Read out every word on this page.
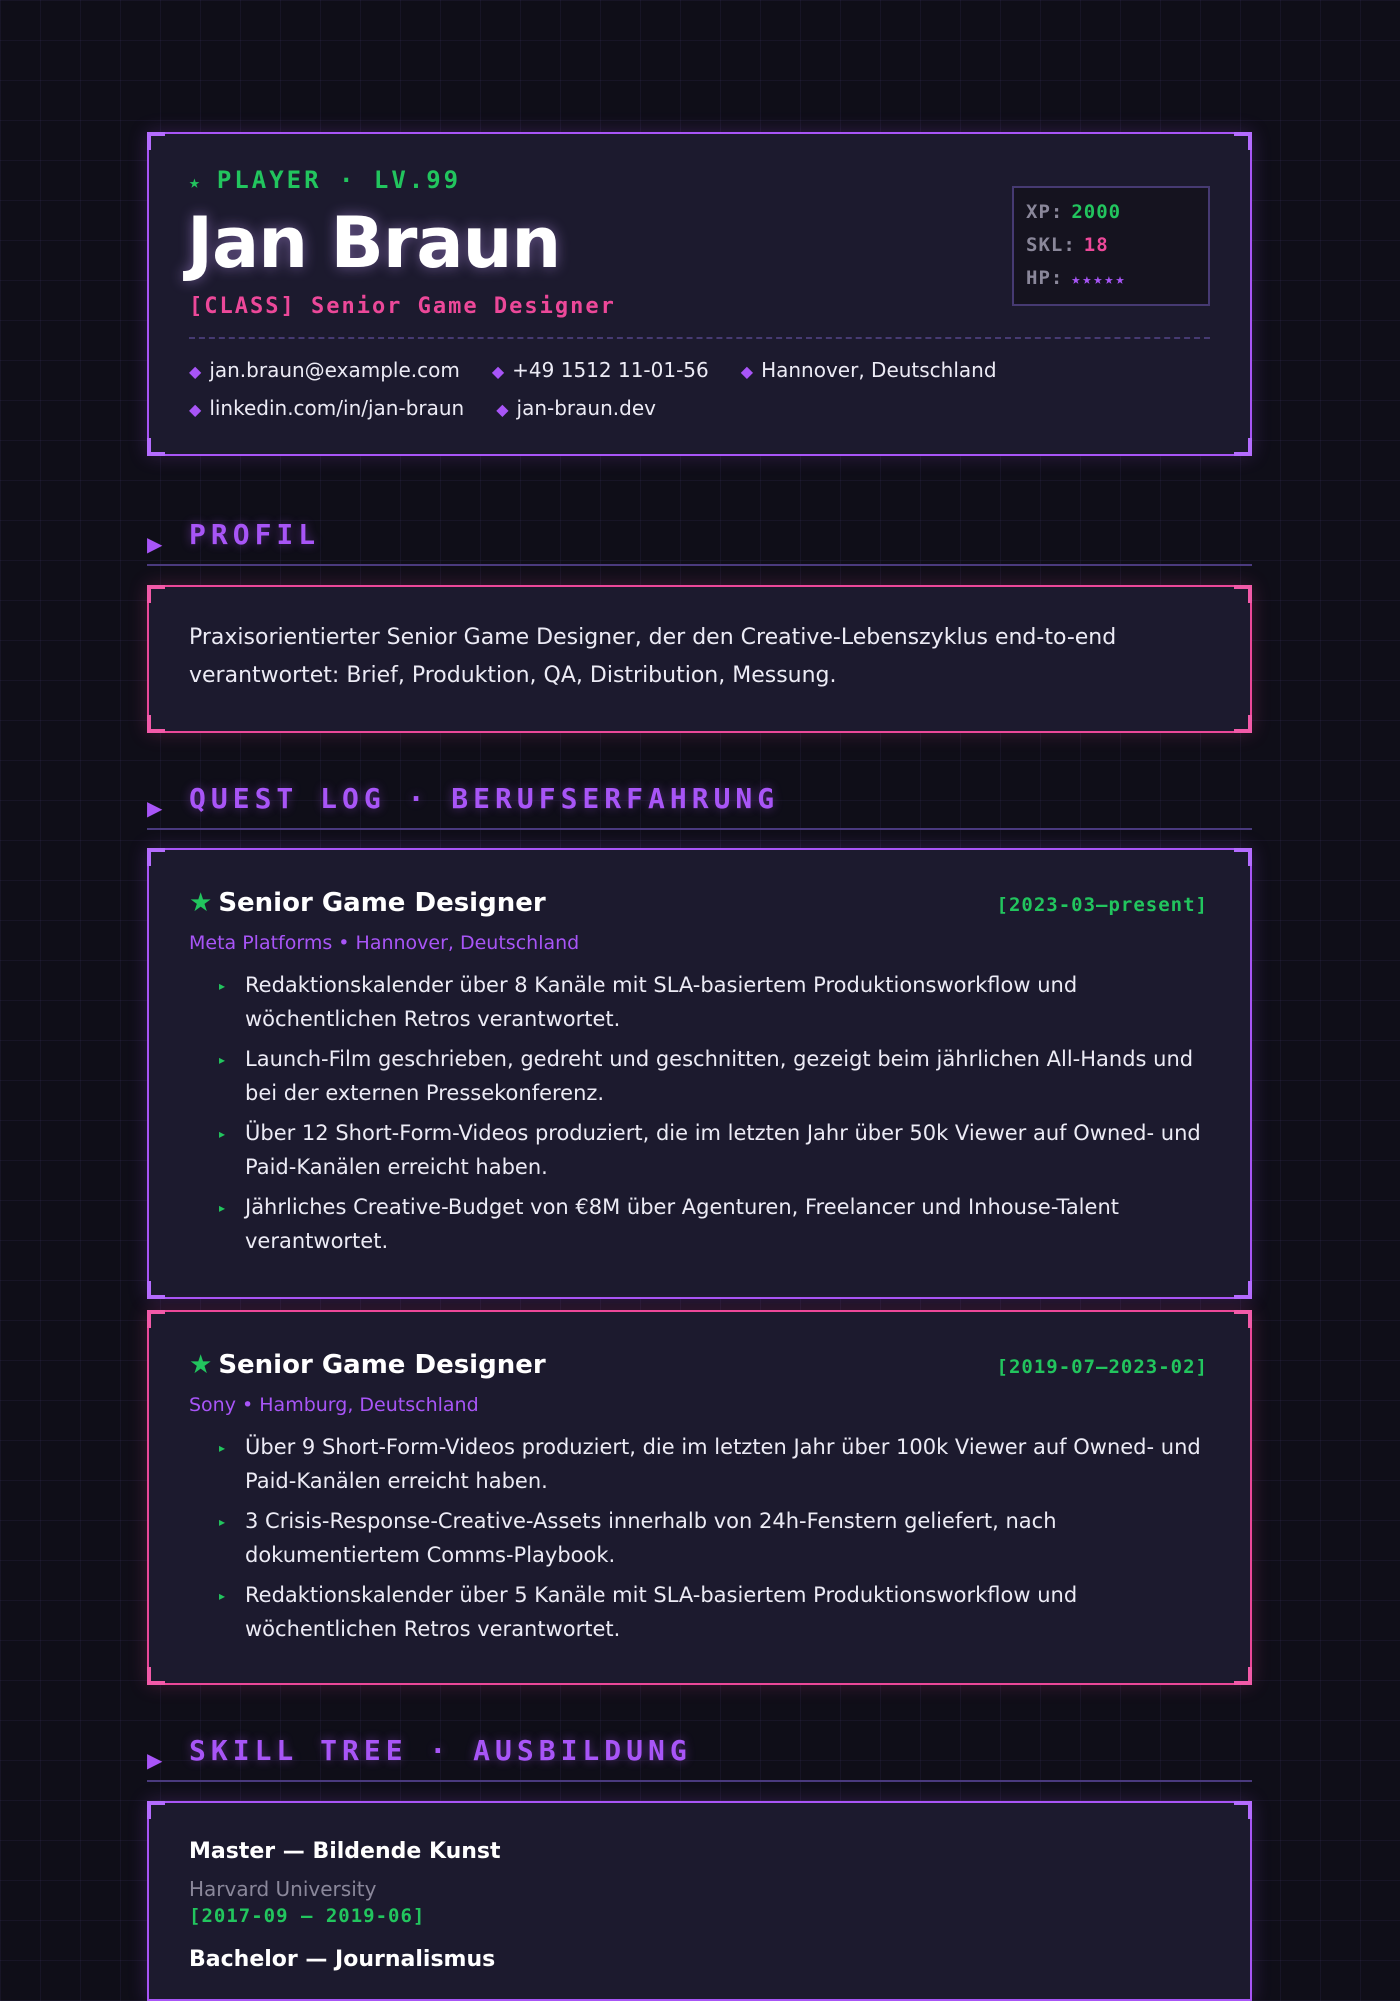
★ PLAYER · LV.99
Jan Braun
[CLASS] Senior Game Designer
XP: 2000
SKL: 18
HP: ★★★★★
◆ jan.braun@example.com ◆ +49 1512 11-01-56 ◆ Hannover, Deutschland
◆ linkedin.com/in/jan-braun ◆ jan-braun.dev
▶ PROFIL
Praxisorientierter Senior Game Designer, der den Creative-Lebenszyklus end-to-end verantwortet: Brief, Produktion, QA, Distribution, Messung.
▶ QUEST LOG · BERUFSERFAHRUNG
★ Senior Game Designer	[2023-03—present]
Meta Platforms • Hannover, Deutschland
▸ Redaktionskalender über 8 Kanäle mit SLA-basiertem Produktionsworkflow und wöchentlichen Retros verantwortet.
▸ Launch-Film geschrieben, gedreht und geschnitten, gezeigt beim jährlichen All-Hands und bei der externen Pressekonferenz.
▸ Über 12 Short-Form-Videos produziert, die im letzten Jahr über 50k Viewer auf Owned- und Paid-Kanälen erreicht haben.
▸ Jährliches Creative-Budget von €8M über Agenturen, Freelancer und Inhouse-Talent verantwortet.
★ Senior Game Designer	[2019-07—2023-02]
Sony • Hamburg, Deutschland
▸ Über 9 Short-Form-Videos produziert, die im letzten Jahr über 100k Viewer auf Owned- und Paid-Kanälen erreicht haben.
▸ 3 Crisis-Response-Creative-Assets innerhalb von 24h-Fenstern geliefert, nach dokumentiertem Comms-Playbook.
▸ Redaktionskalender über 5 Kanäle mit SLA-basiertem Produktionsworkflow und wöchentlichen Retros verantwortet.
▶ SKILL TREE · AUSBILDUNG
Master — Bildende Kunst
Harvard University
[2017-09 — 2019-06]
Bachelor — Journalismus
